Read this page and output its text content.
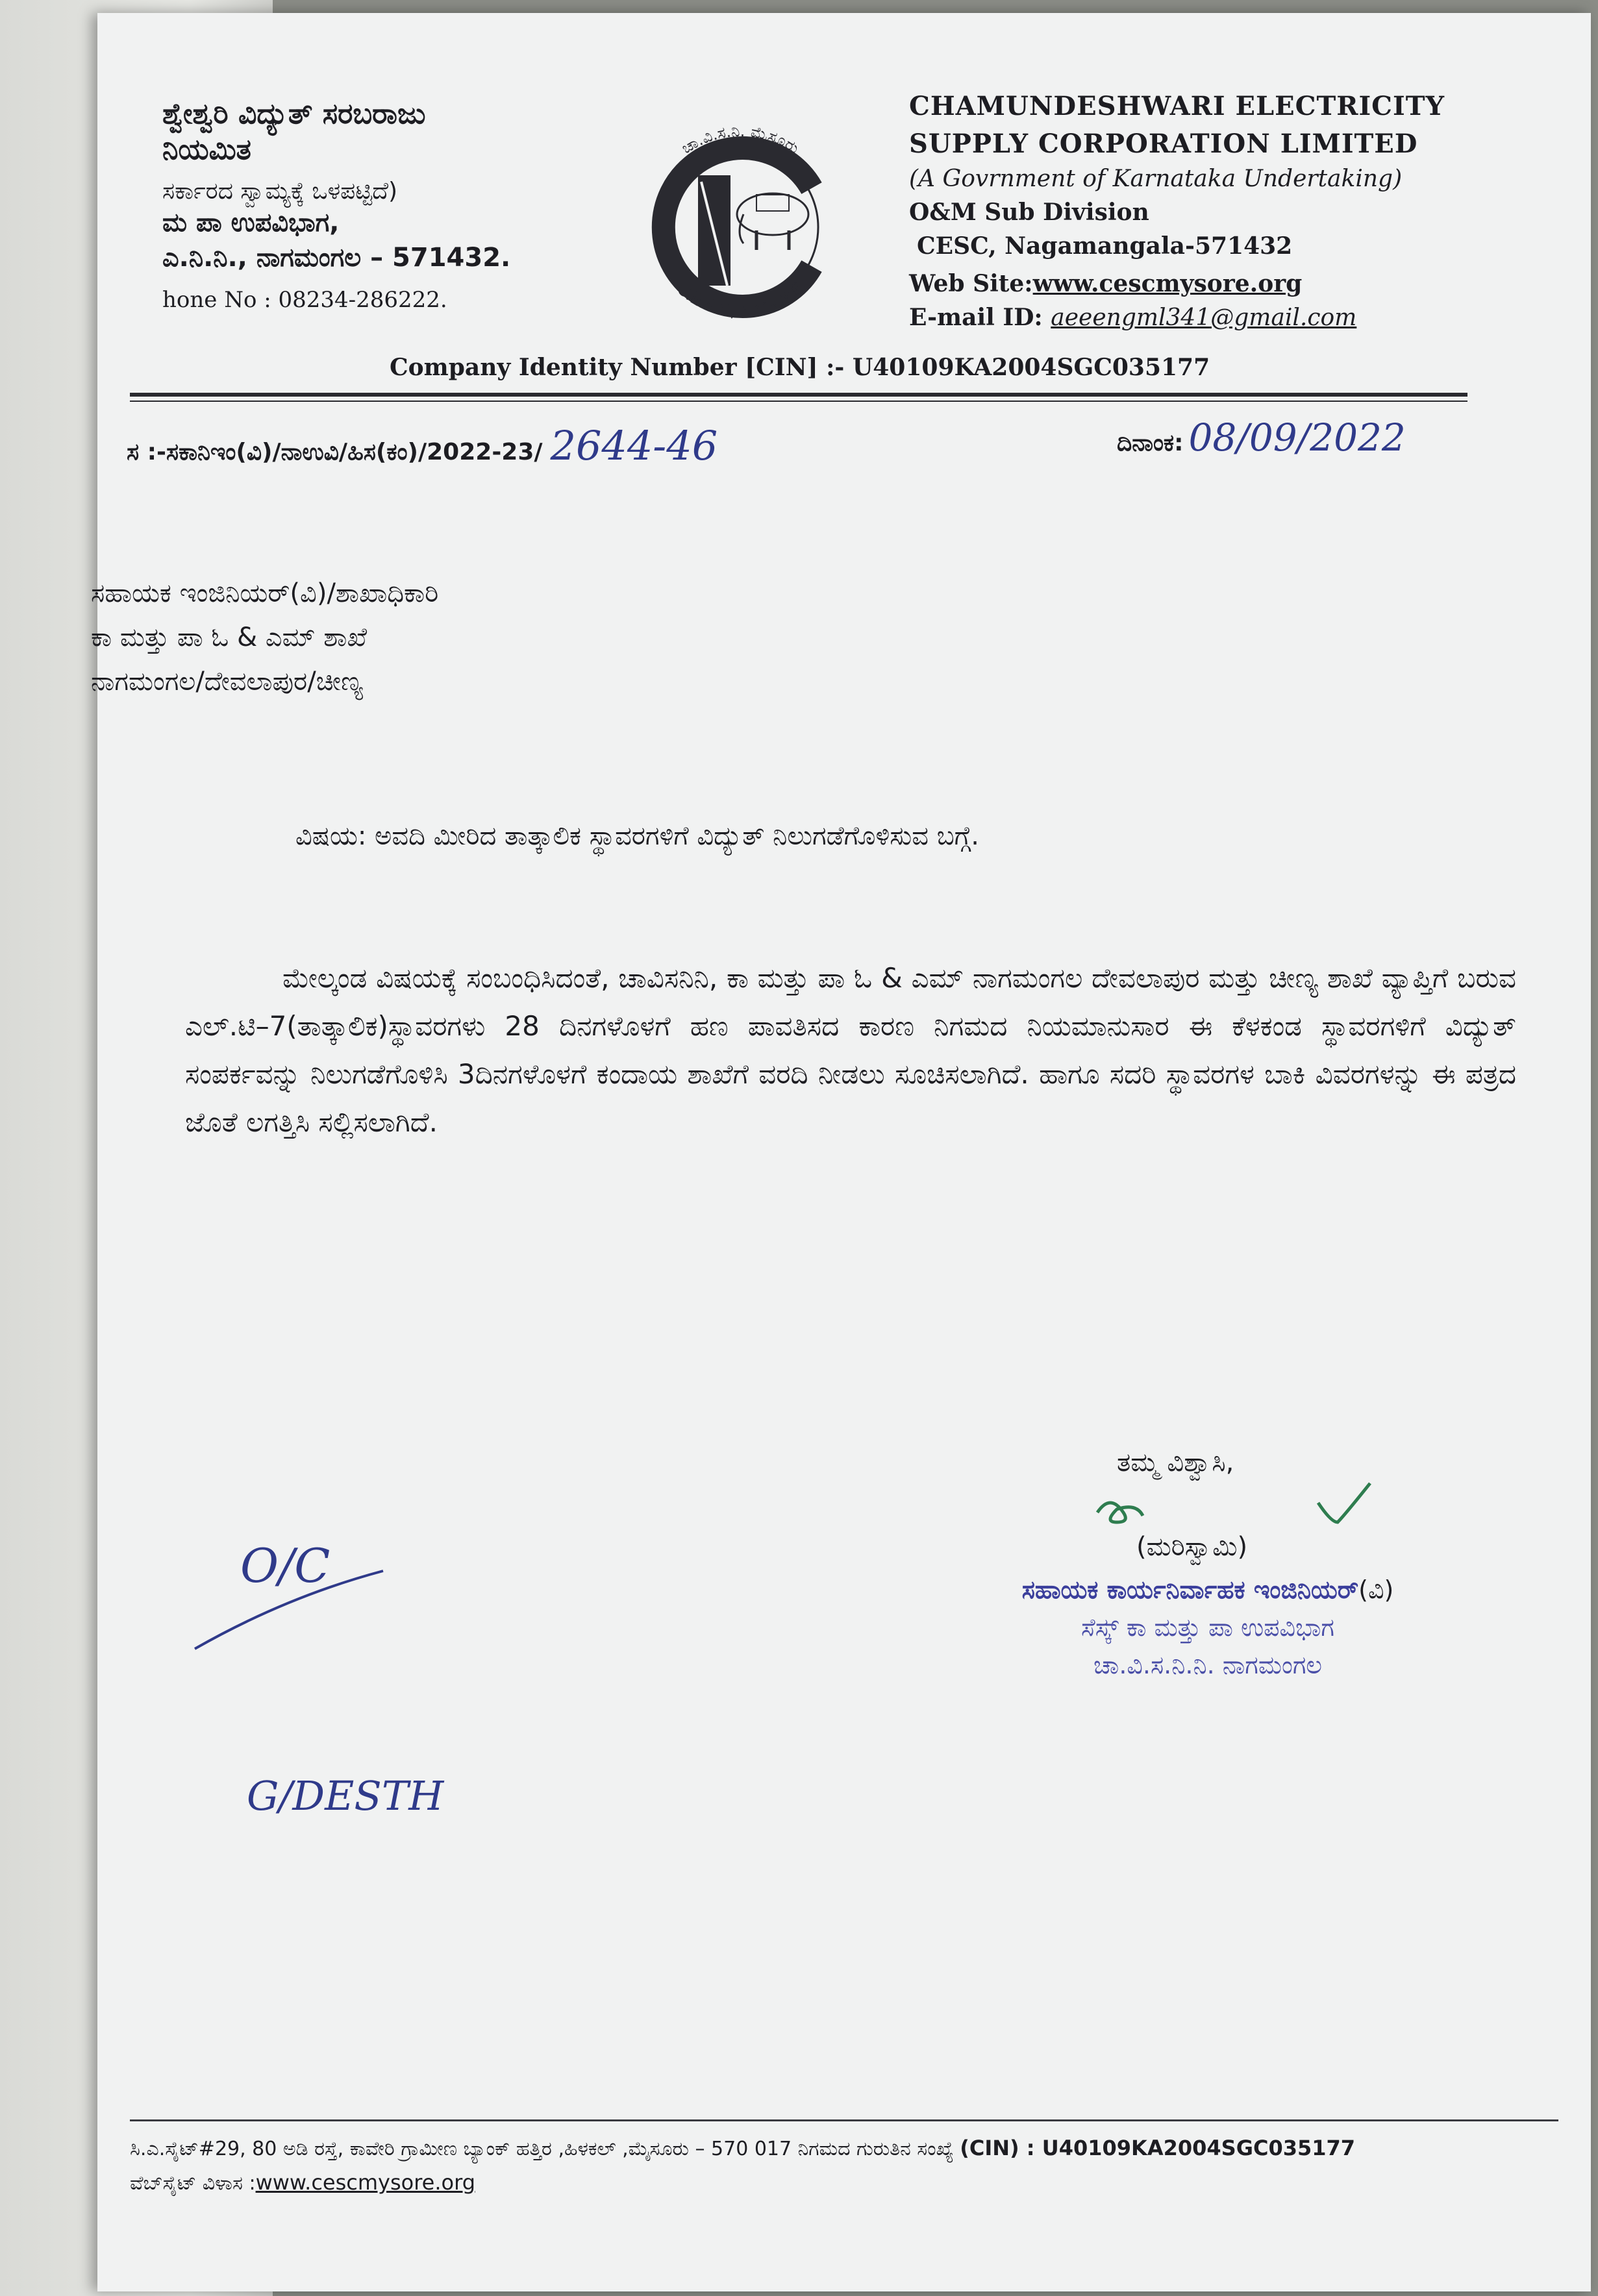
ಶ್ವೇಶ್ವರಿ ವಿದ್ಯುತ್ ಸರಬರಾಜು
ನಿಯಮಿತ
ಸರ್ಕಾರದ ಸ್ವಾಮ್ಯಕ್ಕೆ ಒಳಪಟ್ಟಿದೆ)
ಮ ಪಾ ಉಪವಿಭಾಗ,
ಎ.ನಿ.ನಿ., ನಾಗಮಂಗಲ – 571432.
hone No : 08234-286222.
ಚಾ.ವಿ.ಸ.ನಿ. ಮೈಸೂರು
C.E.S.C, MYSORE
CHAMUNDESHWARI ELECTRICITY
SUPPLY CORPORATION LIMITED
(A Govrnment of Karnataka Undertaking)
O&M Sub Division
CESC, Nagamangala-571432
Web Site:www.cescmysore.org
E-mail ID: aeeengml341@gmail.com
Company Identity Number [CIN] :- U40109KA2004SGC035177
ಸ :-ಸಕಾನಿಇಂ(ವಿ)/ನಾಉವಿ/ಹಿಸ(ಕಂ)/2022-23/ 2644-46	ದಿನಾಂಕ: 08/09/2022
ಸಹಾಯಕ ಇಂಜಿನಿಯರ್(ವಿ)/ಶಾಖಾಧಿಕಾರಿ
ಕಾ ಮತ್ತು ಪಾ ಓ & ಎಮ್ ಶಾಖೆ
ನಾಗಮಂಗಲ/ದೇವಲಾಪುರ/ಚೀಣ್ಯ
ವಿಷಯ: ಅವದಿ ಮೀರಿದ ತಾತ್ಕಾಲಿಕ ಸ್ಥಾವರಗಳಿಗೆ ವಿದ್ಯುತ್ ನಿಲುಗಡೆಗೊಳಿಸುವ ಬಗ್ಗೆ.
ಮೇಲ್ಕಂಡ ವಿಷಯಕ್ಕೆ ಸಂಬಂಧಿಸಿದಂತೆ, ಚಾವಿಸನಿನಿ, ಕಾ ಮತ್ತು ಪಾ ಓ & ಎಮ್ ನಾಗಮಂಗಲ ದೇವಲಾಪುರ ಮತ್ತು ಚೀಣ್ಯ ಶಾಖೆ ವ್ಯಾಪ್ತಿಗೆ ಬರುವ ಎಲ್.ಟಿ–7(ತಾತ್ಕಾಲಿಕ)ಸ್ಥಾವರಗಳು 28 ದಿನಗಳೊಳಗೆ ಹಣ ಪಾವತಿಸದ ಕಾರಣ ನಿಗಮದ ನಿಯಮಾನುಸಾರ ಈ ಕೆಳಕಂಡ ಸ್ಥಾವರಗಳಿಗೆ ವಿದ್ಯುತ್ ಸಂಪರ್ಕವನ್ನು ನಿಲುಗಡೆಗೊಳಿಸಿ 3ದಿನಗಳೊಳಗೆ ಕಂದಾಯ ಶಾಖೆಗೆ ವರದಿ ನೀಡಲು ಸೂಚಿಸಲಾಗಿದೆ. ಹಾಗೂ ಸದರಿ ಸ್ಥಾವರಗಳ ಬಾಕಿ ವಿವರಗಳನ್ನು ಈ ಪತ್ರದ ಜೊತೆ ಲಗತ್ತಿಸಿ ಸಲ್ಲಿಸಲಾಗಿದೆ.
ತಮ್ಮ ವಿಶ್ವಾಸಿ,
(ಮರಿಸ್ವಾಮಿ)
ಸಹಾಯಕ ಕಾರ್ಯನಿರ್ವಾಹಕ ಇಂಜಿನಿಯರ್(ವಿ)
ಸೆಸ್ಕ್ ಕಾ ಮತ್ತು ಪಾ ಉಪವಿಭಾಗ
ಚಾ.ವಿ.ಸ.ನಿ.ನಿ. ನಾಗಮಂಗಲ
O/C
G/DESTH
ಸಿ.ಎ.ಸೈಟ್#29, 80 ಅಡಿ ರಸ್ತೆ, ಕಾವೇರಿ ಗ್ರಾಮೀಣ ಬ್ಯಾಂಕ್ ಹತ್ತಿರ ,ಹಿಳಕಲ್ ,ಮೈಸೂರು – 570 017 ನಿಗಮದ ಗುರುತಿನ ಸಂಖ್ಯೆ (CIN) : U40109KA2004SGC035177
ವೆಬ್‌ಸೈಟ್ ವಿಳಾಸ :www.cescmysore.org
